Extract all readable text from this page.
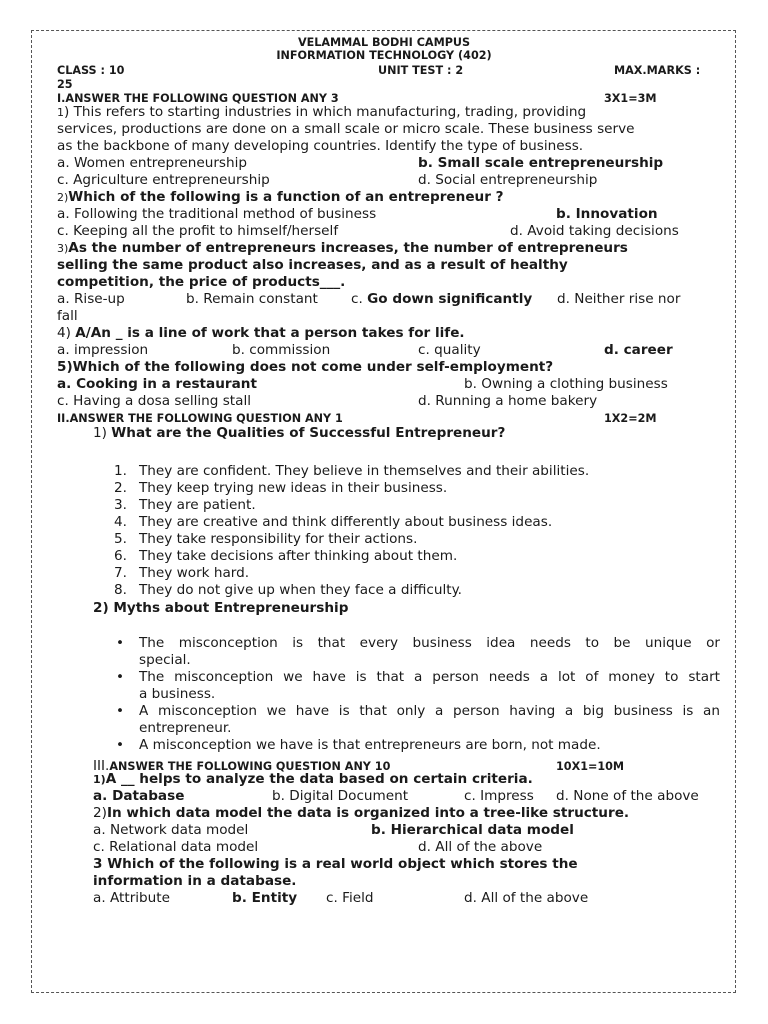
VELAMMAL BODHI CAMPUS
INFORMATION TECHNOLOGY (402)
CLASS : 10	UNIT TEST : 2	MAX.MARKS :
25
I.ANSWER THE FOLLOWING QUESTION ANY 3	3X1=3M
1) This refers to starting industries in which manufacturing, trading, providing
services, productions are done on a small scale or micro scale. These business serve
as the backbone of many developing countries. Identify the type of business.
a. Women entrepreneurship	b. Small scale entrepreneurship
c. Agriculture entrepreneurship	d. Social entrepreneurship
2)Which of the following is a function of an entrepreneur ?
a. Following the traditional method of business	b. Innovation
c. Keeping all the profit to himself/herself	d. Avoid taking decisions
3)As the number of entrepreneurs increases, the number of entrepreneurs
selling the same product also increases, and as a result of healthy
competition, the price of products___.
a. Rise-up	b. Remain constant c. Go down significantly d. Neither rise nor
fall
4) A/An _ is a line of work that a person takes for life.
a. impression	b. commission	c. quality	d. career
5)Which of the following does not come under self-employment?
a. Cooking in a restaurant	b. Owning a clothing business
c. Having a dosa selling stall	d. Running a home bakery
II.ANSWER THE FOLLOWING QUESTION ANY 1	1X2=2M
1) What are the Qualities of Successful Entrepreneur?
1. They are confident. They believe in themselves and their abilities.
2. They keep trying new ideas in their business.
3. They are patient.
4. They are creative and think differently about business ideas.
5. They take responsibility for their actions.
6. They take decisions after thinking about them.
7. They work hard.
8. They do not give up when they face a difficulty.
2) Myths about Entrepreneurship
• The misconception is that every business idea needs to be unique or
special.
• The misconception we have is that a person needs a lot of money to start
a business.
• A misconception we have is that only a person having a big business is an
entrepreneur.
• A misconception we have is that entrepreneurs are born, not made.
III.ANSWER THE FOLLOWING QUESTION ANY 10	10X1=10M
1)A __ helps to analyze the data based on certain criteria.
a. Database	b. Digital Document	c. Impress d. None of the above
2)In which data model the data is organized into a tree-like structure.
a. Network data model	b. Hierarchical data model
c. Relational data model	d. All of the above
3 Which of the following is a real world object which stores the
information in a database.
a. Attribute	b. Entity c. Field	d. All of the above
